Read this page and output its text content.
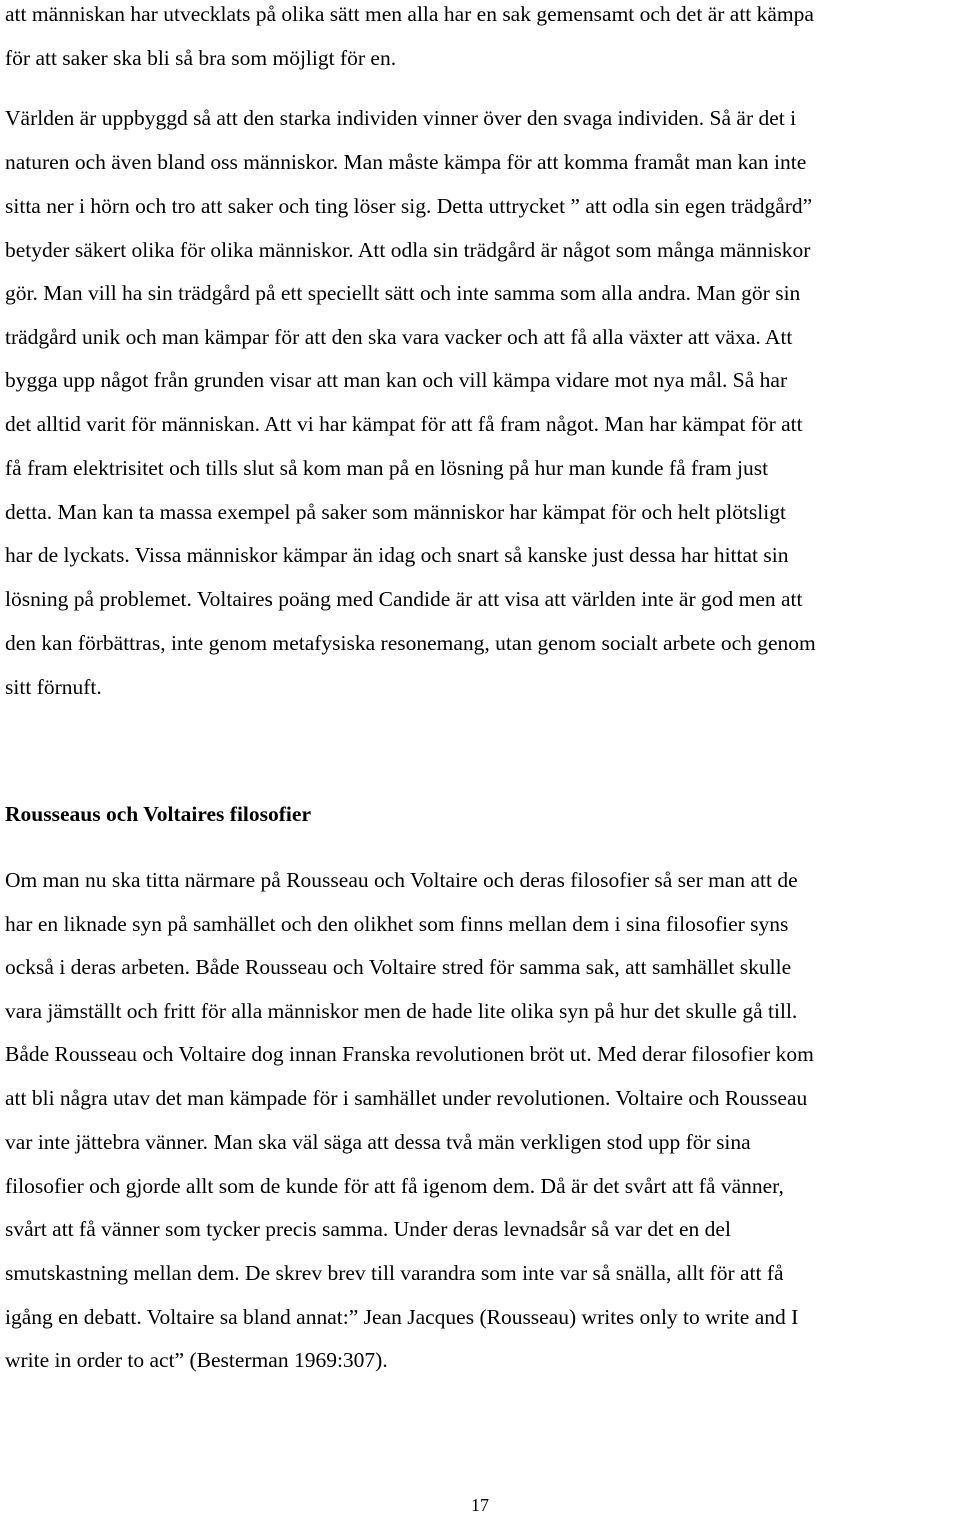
att människan har utvecklats på olika sätt men alla har en sak gemensamt och det är att kämpa
för att saker ska bli så bra som möjligt för en.
Världen är uppbyggd så att den starka individen vinner över den svaga individen. Så är det i
naturen och även bland oss människor. Man måste kämpa för att komma framåt man kan inte
sitta ner i hörn och tro att saker och ting löser sig. Detta uttrycket ” att odla sin egen trädgård”
betyder säkert olika för olika människor. Att odla sin trädgård är något som många människor
gör. Man vill ha sin trädgård på ett speciellt sätt och inte samma som alla andra. Man gör sin
trädgård unik och man kämpar för att den ska vara vacker och att få alla växter att växa. Att
bygga upp något från grunden visar att man kan och vill kämpa vidare mot nya mål. Så har
det alltid varit för människan. Att vi har kämpat för att få fram något. Man har kämpat för att
få fram elektrisitet och tills slut så kom man på en lösning på hur man kunde få fram just
detta. Man kan ta massa exempel på saker som människor har kämpat för och helt plötsligt
har de lyckats. Vissa människor kämpar än idag och snart så kanske just dessa har hittat sin
lösning på problemet. Voltaires poäng med Candide är att visa att världen inte är god men att
den kan förbättras, inte genom metafysiska resonemang, utan genom socialt arbete och genom
sitt förnuft.
Rousseaus och Voltaires filosofier
Om man nu ska titta närmare på Rousseau och Voltaire och deras filosofier så ser man att de
har en liknade syn på samhället och den olikhet som finns mellan dem i sina filosofier syns
också i deras arbeten. Både Rousseau och Voltaire stred för samma sak, att samhället skulle
vara jämställt och fritt för alla människor men de hade lite olika syn på hur det skulle gå till.
Både Rousseau och Voltaire dog innan Franska revolutionen bröt ut. Med derar filosofier kom
att bli några utav det man kämpade för i samhället under revolutionen. Voltaire och Rousseau
var inte jättebra vänner. Man ska väl säga att dessa två män verkligen stod upp för sina
filosofier och gjorde allt som de kunde för att få igenom dem. Då är det svårt att få vänner,
svårt att få vänner som tycker precis samma. Under deras levnadsår så var det en del
smutskastning mellan dem. De skrev brev till varandra som inte var så snälla, allt för att få
igång en debatt. Voltaire sa bland annat:” Jean Jacques (Rousseau) writes only to write and I
write in order to act” (Besterman 1969:307).
17
